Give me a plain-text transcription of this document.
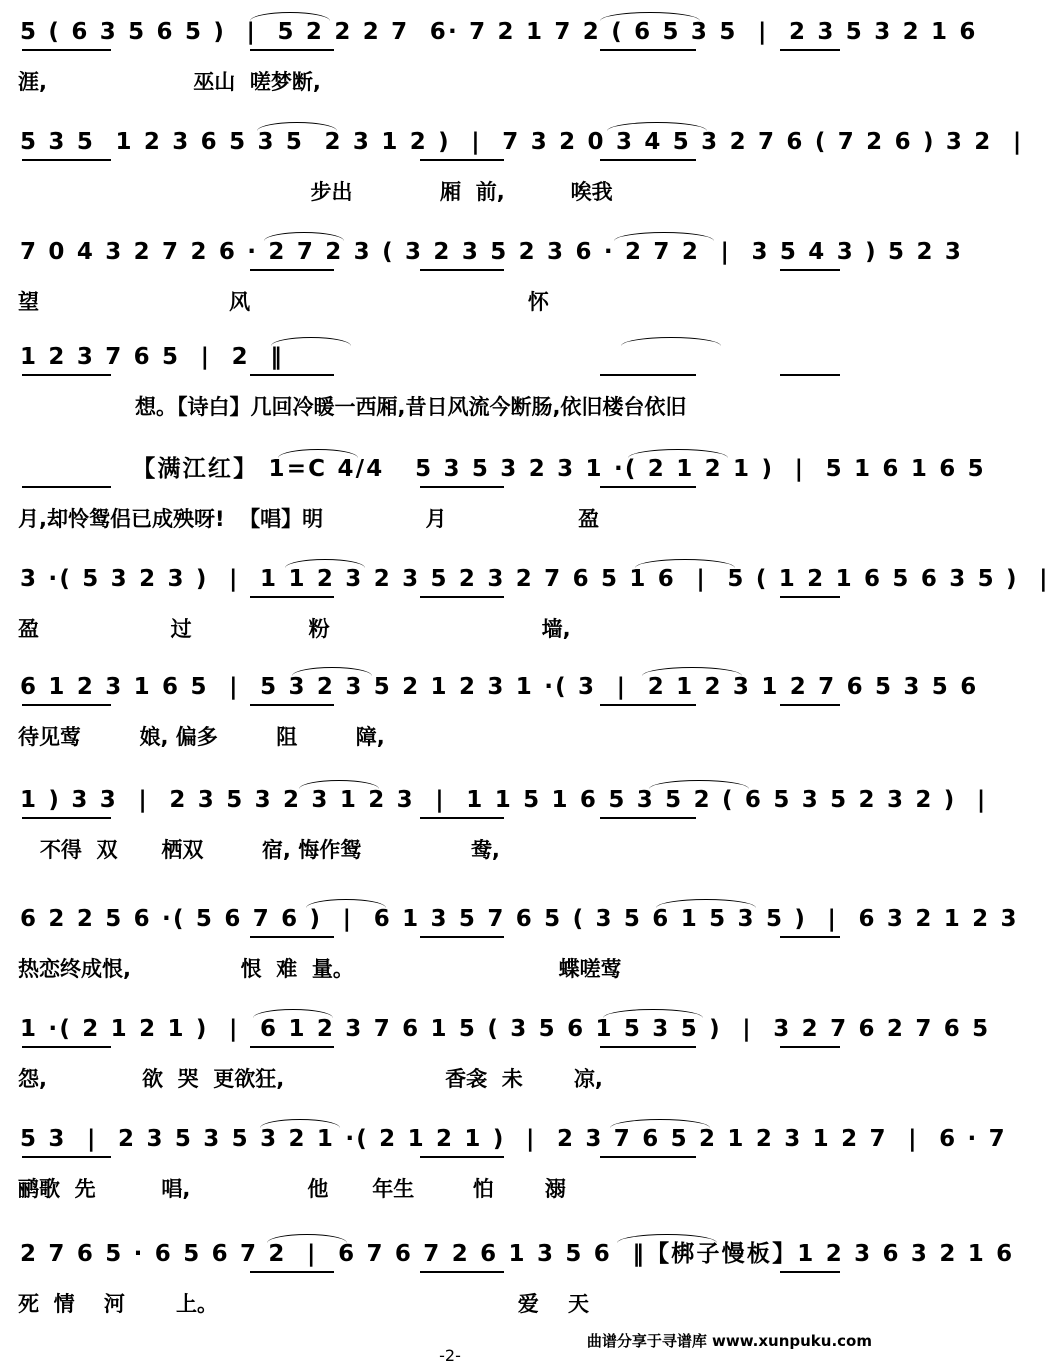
5 ( 6 3 5 6 5 )  |  5 2 2 2 7  6· 7 2 1 7 2 ( 6 5 3 5  |  2 3 5 3 2 1 6
涯,                    巫山  嗟梦断,
5 3 5  1 2 3 6 5 3 5  2 3 1 2 )  |  7 3 2 0 3 4 5 3 2 7 6 ( 7 2 6 ) 3 2  |
步出            厢  前,         唉我
7 0 4 3 2 7 2 6 · 2 7 2 3 ( 3 2 3 5 2 3 6 · 2 7 2  |  3 5 4 3 ) 5 2 3
望                          风                                      怀
1 2 3 7 6 5  |  2  ‖
想。【诗白】几回冷暖一西厢,昔日风流今断肠,依旧楼台依旧
【满江红】 1=C 4/4   5 3 5 3 2 3 1 ·( 2 1 2 1 )  |  5 1 6 1 6 5
月,却怜鸳侣已成殃呀!  【唱】明              月                  盈
3 ·( 5 3 2 3 )  |  1 1 2 3 2 3 5 2 3 2 7 6 5 1 6  |  5 ( 1 2 1 6 5 6 3 5 )  |
盈                  过                粉                             墙,
6 1 2 3 1 6 5  |  5 3 2 3 5 2 1 2 3 1 ·( 3  |  2 1 2 3 1 2 7 6 5 3 5 6
待见莺        娘, 偏多        阻        障,
1 ) 3 3  |  2 3 5 3 2 3 1 2 3  |  1 1 5 1 6 5 3 5 2 ( 6 5 3 5 2 3 2 )  |
不得  双      栖双        宿, 悔作鸳               鸯,
6 2 2 5 6 ·( 5 6 7 6 )  |  6 1 3 5 7 6 5 ( 3 5 6 1 5 3 5 )  |  6 3 2 1 2 3
热恋终成恨,               恨  难  量。                            蝶嗟莺
1 ·( 2 1 2 1 )  |  6 1 2 3 7 6 1 5 ( 3 5 6 1 5 3 5 )  |  3 2 7 6 2 7 6 5
怨,             欲  哭  更欲狂,                      香衾  未       凉,
5 3  |  2 3 5 3 5 3 2 1 ·( 2 1 2 1 )  |  2 3 7 6 5 2 1 2 3 1 2 7  |  6 · 7
鹂歌  先         唱,                他      年生        怕       溺
2 7 6 5 · 6 5 6 7 2  |  6 7 6 7 2 6 1 3 5 6  ‖【梆子慢板】1 2 3 6 3 2 1 6
死  情    河       上。                                         爱    天
曲谱分享于寻谱库 www.xunpuku.com
-2-
